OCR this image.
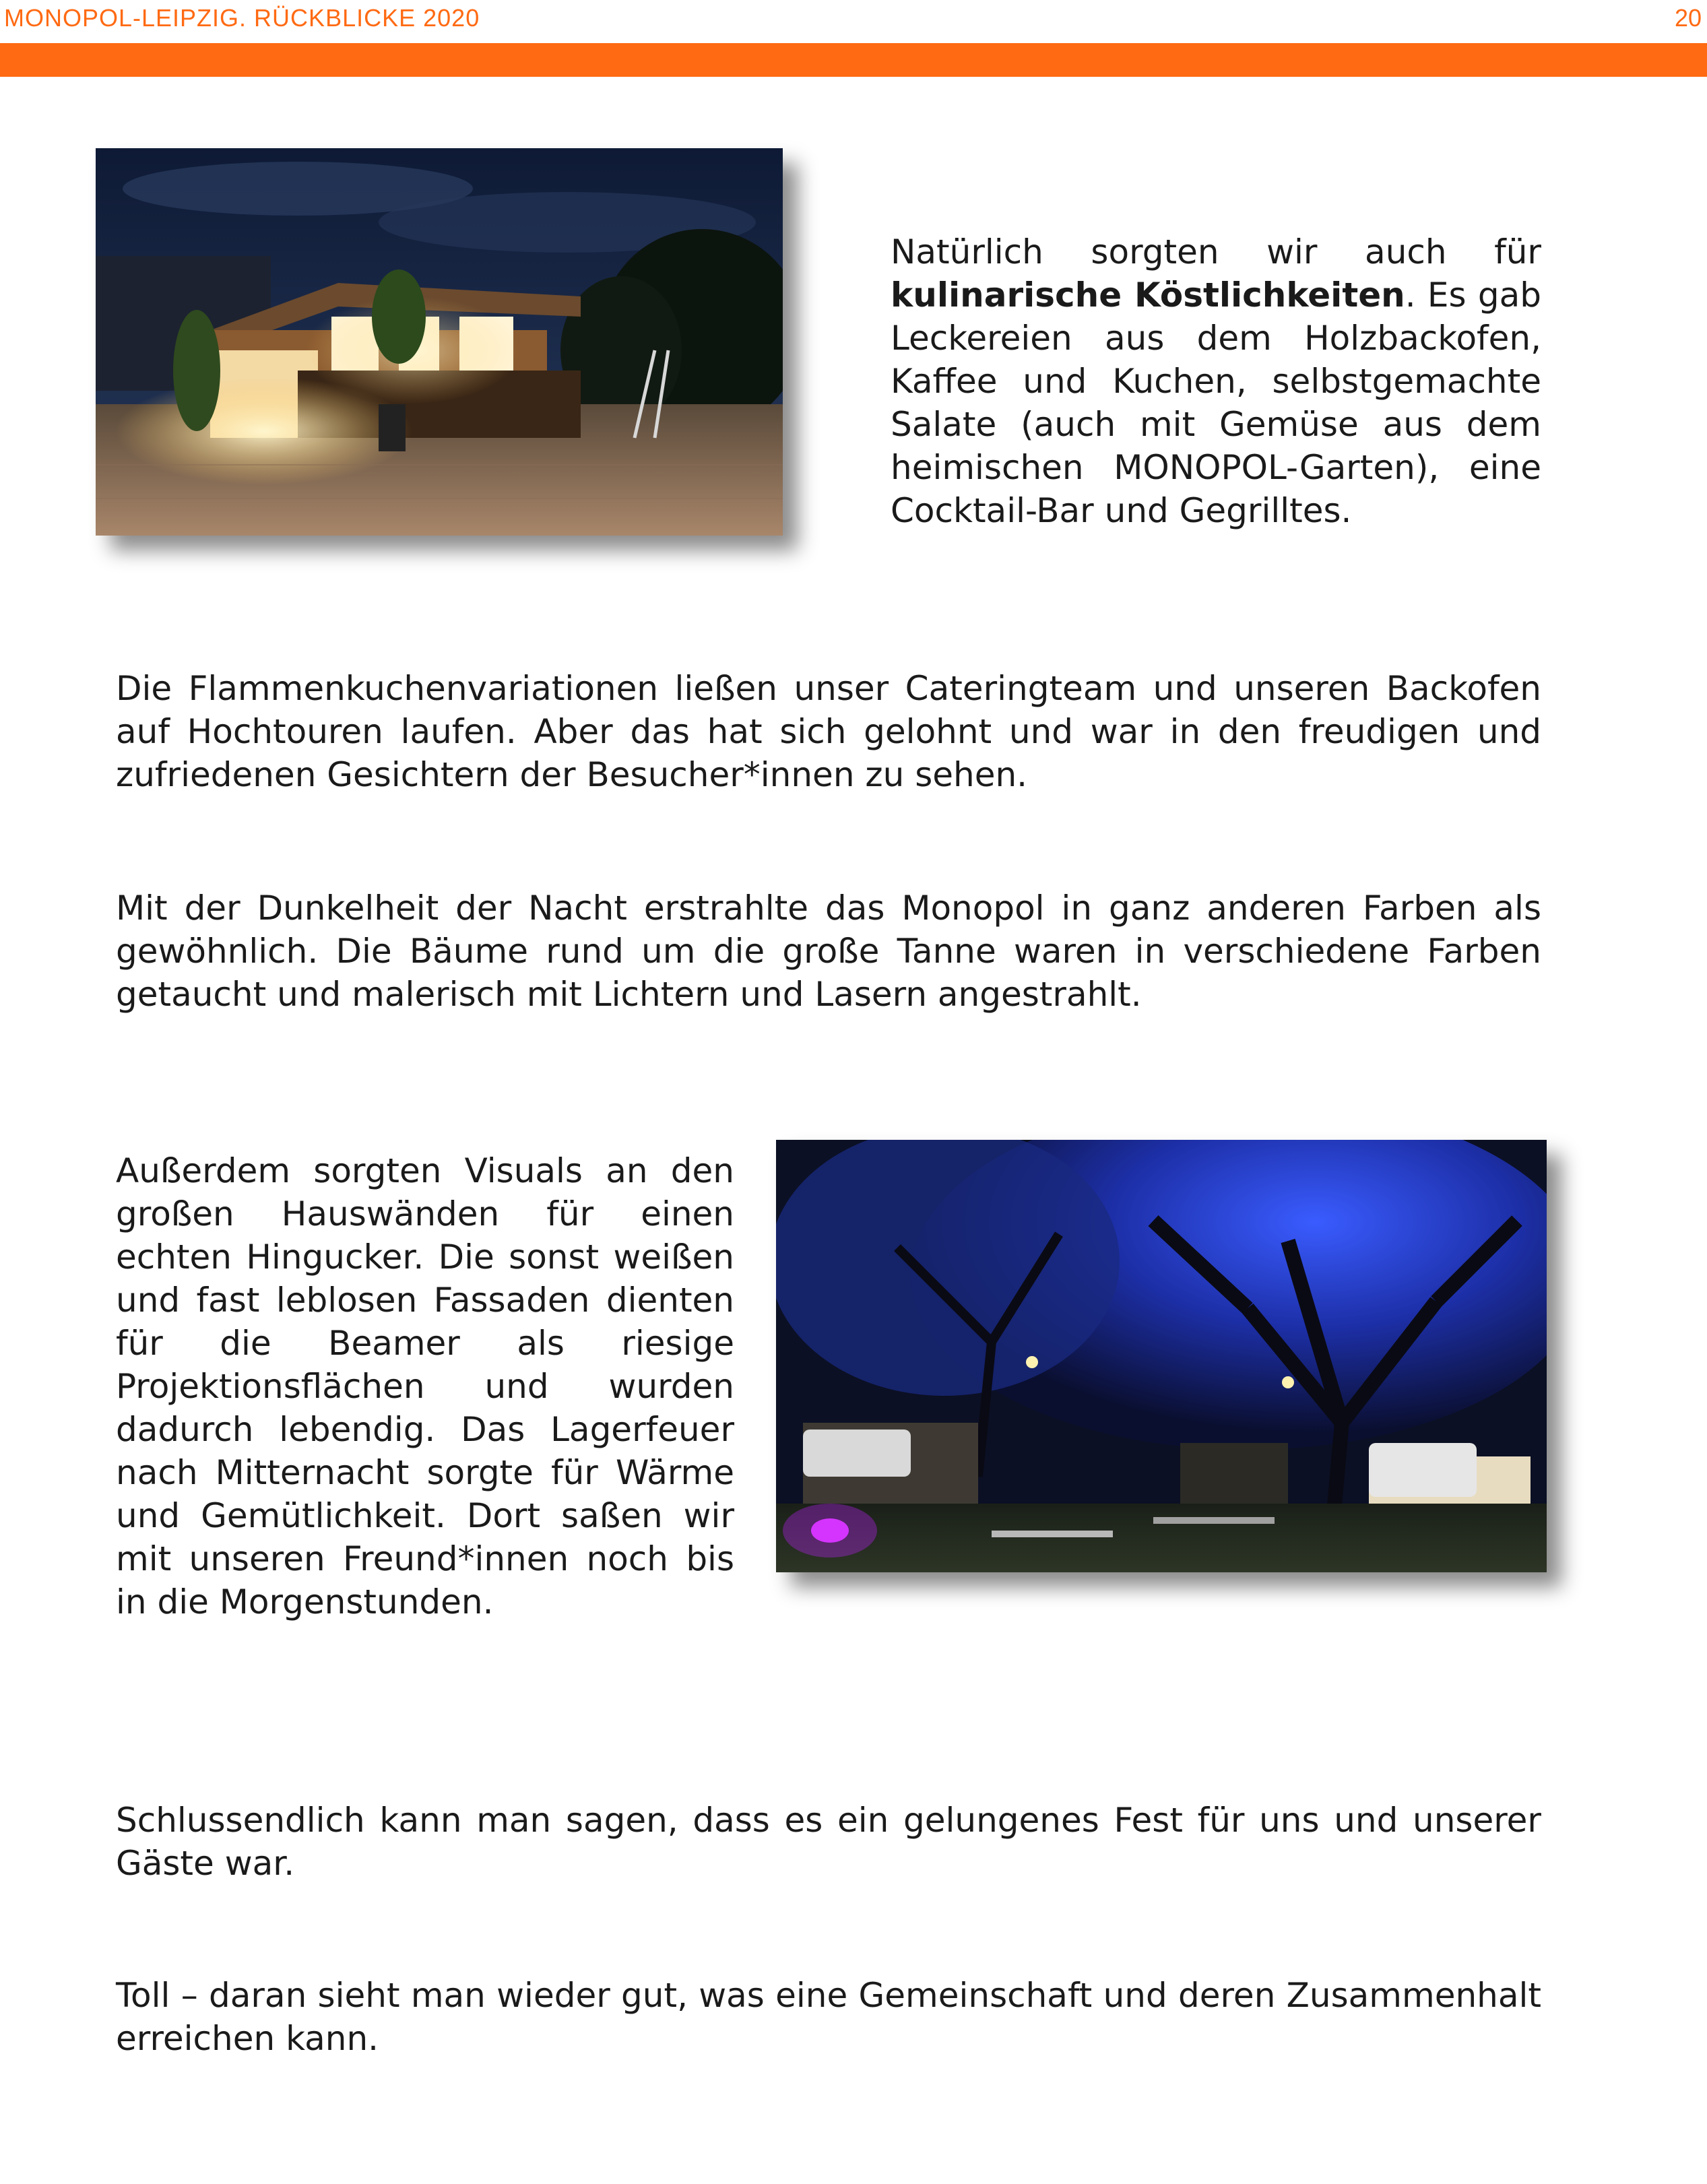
MONOPOL-LEIPZIG. RÜCKBLICKE 2020	20

Natürlich sorgten wir auch für kulinarische Köstlichkeiten. Es gab Leckereien aus dem Holzbackofen, Kaffee und Kuchen, selbstgemachte Salate (auch mit Gemüse aus dem heimischen MONOPOL-Garten), eine Cocktail-Bar und Gegrilltes.

Die Flammenkuchenvariationen ließen unser Cateringteam und unseren Backofen auf Hochtouren laufen. Aber das hat sich gelohnt und war in den freudigen und zufriedenen Gesichtern der Besucher*innen zu sehen.

Mit der Dunkelheit der Nacht erstrahlte das Monopol in ganz anderen Farben als gewöhnlich. Die Bäume rund um die große Tanne waren in verschiedene Farben getaucht und malerisch mit Lichtern und Lasern angestrahlt.

Außerdem sorgten Visuals an den großen Hauswänden für einen echten Hingucker. Die sonst weißen und fast leblosen Fassaden dienten für die Beamer als riesige Projektionsflächen und wurden dadurch lebendig. Das Lagerfeuer nach Mitternacht sorgte für Wärme und Gemütlichkeit. Dort saßen wir mit unseren Freund*innen noch bis in die Morgenstunden.

Schlussendlich kann man sagen, dass es ein gelungenes Fest für uns und unserer Gäste war.

Toll – daran sieht man wieder gut, was eine Gemeinschaft und deren Zusammenhalt erreichen kann.
